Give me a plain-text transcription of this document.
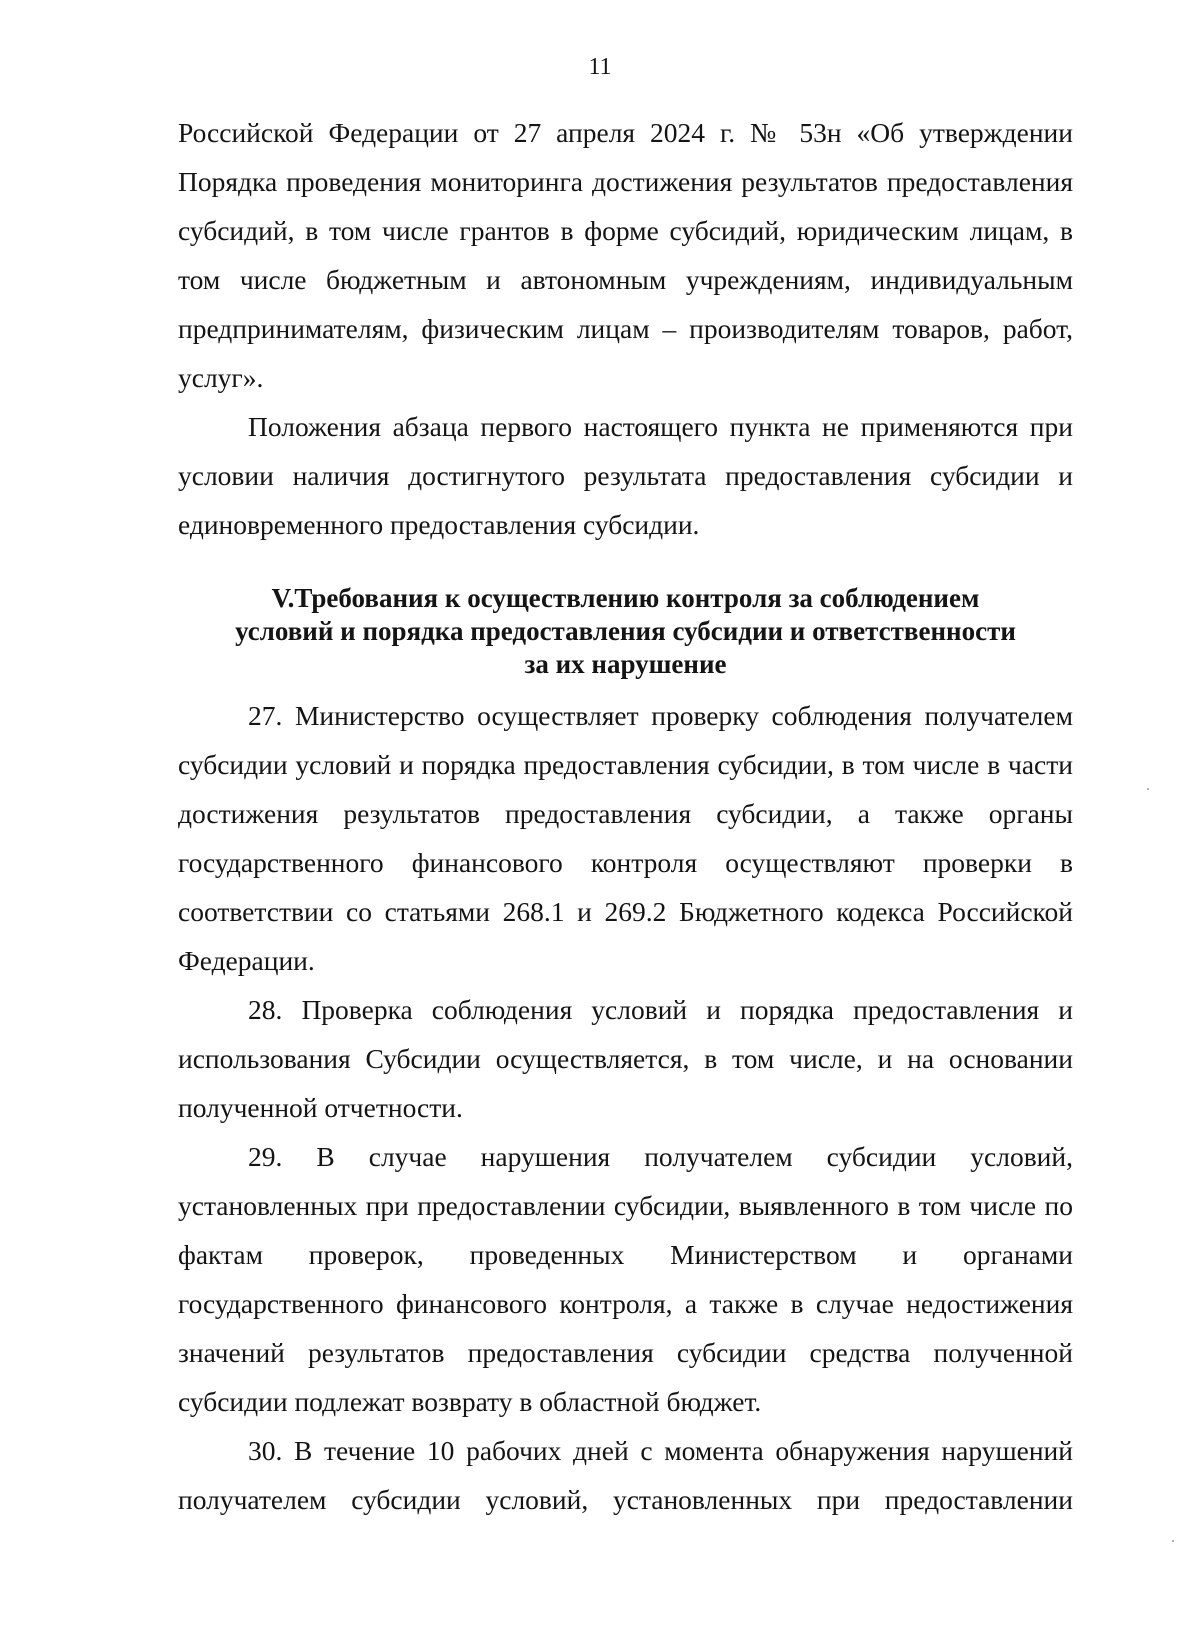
11

Российской Федерации от 27 апреля 2024 г. № 53н «Об утверждении Порядка проведения мониторинга достижения результатов предоставления субсидий, в том числе грантов в форме субсидий, юридическим лицам, в том числе бюджетным и автономным учреждениям, индивидуальным предпринимателям, физическим лицам – производителям товаров, работ, услуг».

Положения абзаца первого настоящего пункта не применяются при условии наличия достигнутого результата предоставления субсидии и единовременного предоставления субсидии.

V.Требования к осуществлению контроля за соблюдением
условий и порядка предоставления субсидии и ответственности
за их нарушение

27. Министерство осуществляет проверку соблюдения получателем субсидии условий и порядка предоставления субсидии, в том числе в части достижения результатов предоставления субсидии, а также органы государственного финансового контроля осуществляют проверки в соответствии со статьями 268.1 и 269.2 Бюджетного кодекса Российской Федерации.

28. Проверка соблюдения условий и порядка предоставления и использования Субсидии осуществляется, в том числе, и на основании полученной отчетности.

29. В случае нарушения получателем субсидии условий, установленных при предоставлении субсидии, выявленного в том числе по фактам проверок, проведенных Министерством и органами государственного финансового контроля, а также в случае недостижения значений результатов предоставления субсидии средства полученной субсидии подлежат возврату в областной бюджет.

30. В течение 10 рабочих дней с момента обнаружения нарушений получателем субсидии условий, установленных при предоставлении
